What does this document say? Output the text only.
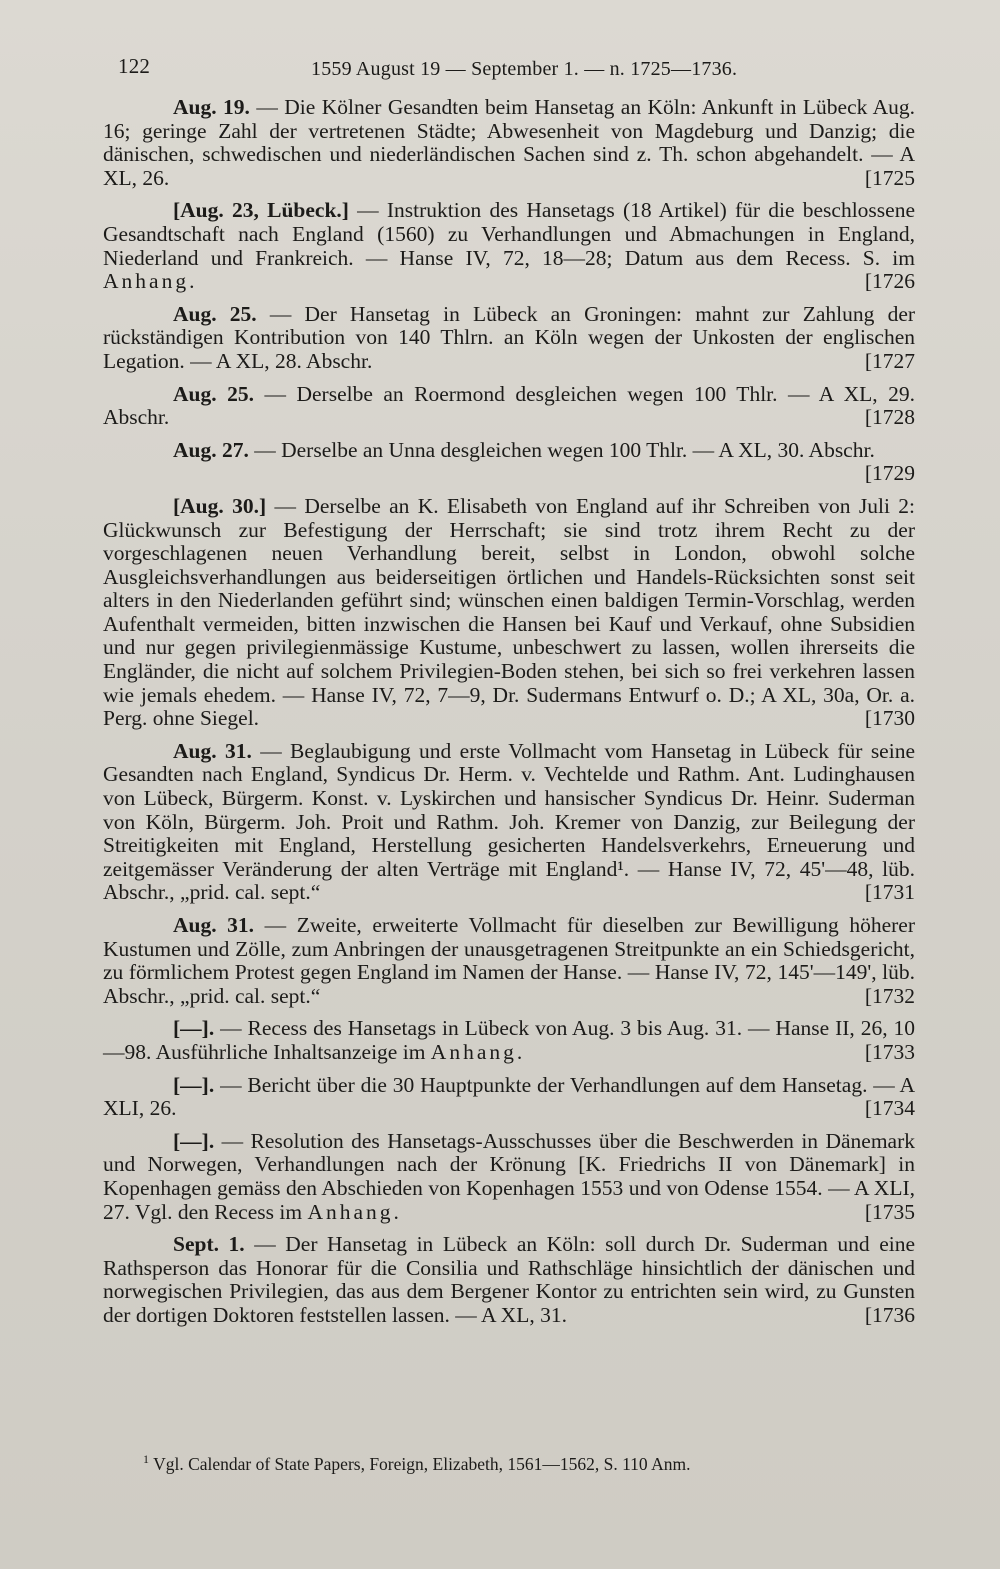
122	1559 August 19 — September 1. — n. 1725—1736.

Aug. 19. — Die Kölner Gesandten beim Hansetag an Köln: Ankunft in Lübeck Aug. 16; geringe Zahl der vertretenen Städte; Abwesenheit von Magdeburg und Danzig; die dänischen, schwedischen und niederländischen Sachen sind z. Th. schon abgehandelt. — A XL, 26.	[ 1725

[Aug. 23, Lübeck.] — Instruktion des Hansetags (18 Artikel) für die beschlossene Gesandtschaft nach England (1560) zu Verhandlungen und Abmachungen in England, Niederland und Frankreich. — Hanse IV, 72, 18—28; Datum aus dem Recess. S. im Anhang.	[ 1726

Aug. 25. — Der Hansetag in Lübeck an Groningen: mahnt zur Zahlung der rückständigen Kontribution von 140 Thlrn. an Köln wegen der Unkosten der englischen Legation. — A XL, 28. Abschr.	[ 1727

Aug. 25. — Derselbe an Roermond desgleichen wegen 100 Thlr. — A XL, 29. Abschr.	[ 1728

Aug. 27. — Derselbe an Unna desgleichen wegen 100 Thlr. — A XL, 30. Abschr.
[ 1729

[Aug. 30.] — Derselbe an K. Elisabeth von England auf ihr Schreiben von Juli 2: Glückwunsch zur Befestigung der Herrschaft; sie sind trotz ihrem Recht zu der vorgeschlagenen neuen Verhandlung bereit, selbst in London, obwohl solche Ausgleichsverhandlungen aus beiderseitigen örtlichen und Handels-Rücksichten sonst seit alters in den Niederlanden geführt sind; wünschen einen baldigen Termin-Vorschlag, werden Aufenthalt vermeiden, bitten inzwischen die Hansen bei Kauf und Verkauf, ohne Subsidien und nur gegen privilegienmässige Kustume, unbeschwert zu lassen, wollen ihrerseits die Engländer, die nicht auf solchem Privilegien-Boden stehen, bei sich so frei verkehren lassen wie jemals ehedem. — Hanse IV, 72, 7—9, Dr. Sudermans Entwurf o. D.; A XL, 30a, Or. a. Perg. ohne Siegel.	[ 1730

Aug. 31. — Beglaubigung und erste Vollmacht vom Hansetag in Lübeck für seine Gesandten nach England, Syndicus Dr. Herm. v. Vechtelde und Rathm. Ant. Ludinghausen von Lübeck, Bürgerm. Konst. v. Lyskirchen und hansischer Syndicus Dr. Heinr. Suderman von Köln, Bürgerm. Joh. Proit und Rathm. Joh. Kremer von Danzig, zur Beilegung der Streitigkeiten mit England, Herstellung gesicherten Handelsverkehrs, Erneuerung und zeitgemässer Veränderung der alten Verträge mit England¹. — Hanse IV, 72, 45'—48, lüb. Abschr., „prid. cal. sept.“	[ 1731

Aug. 31. — Zweite, erweiterte Vollmacht für dieselben zur Bewilligung höherer Kustumen und Zölle, zum Anbringen der unausgetragenen Streitpunkte an ein Schiedsgericht, zu förmlichem Protest gegen England im Namen der Hanse. — Hanse IV, 72, 145'—149', lüb. Abschr., „prid. cal. sept.“	[ 1732

[—]. — Recess des Hansetags in Lübeck von Aug. 3 bis Aug. 31. — Hanse II, 26, 10—98. Ausführliche Inhaltsanzeige im Anhang.	[ 1733

[—]. — Bericht über die 30 Hauptpunkte der Verhandlungen auf dem Hansetag. — A XLI, 26.	[ 1734

[—]. — Resolution des Hansetags-Ausschusses über die Beschwerden in Dänemark und Norwegen, Verhandlungen nach der Krönung [K. Friedrichs II von Dänemark] in Kopenhagen gemäss den Abschieden von Kopenhagen 1553 und von Odense 1554. — A XLI, 27. Vgl. den Recess im Anhang.	[ 1735

Sept. 1. — Der Hansetag in Lübeck an Köln: soll durch Dr. Suderman und eine Rathsperson das Honorar für die Consilia und Rathschläge hinsichtlich der dänischen und norwegischen Privilegien, das aus dem Bergener Kontor zu entrichten sein wird, zu Gunsten der dortigen Doktoren feststellen lassen. — A XL, 31.	[ 1736

$^1$ Vgl. Calendar of State Papers, Foreign, Elizabeth, 1561—1562, S. 110 Anm.
